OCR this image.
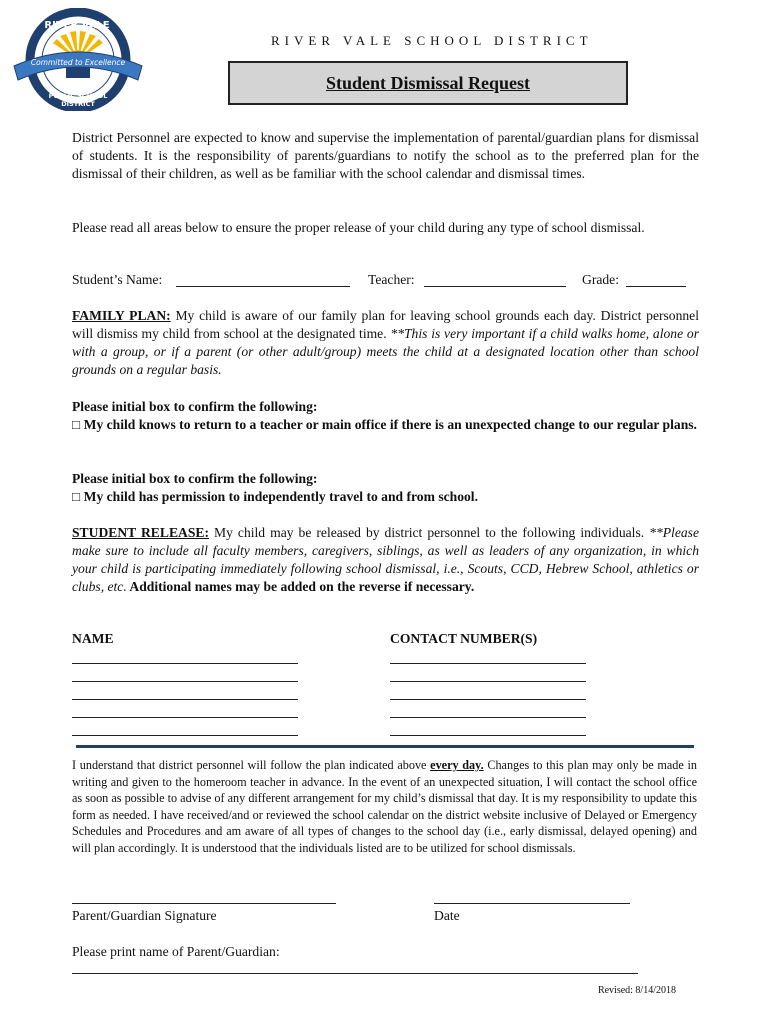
RIVER VALE
Committed to Excellence
PUBLIC SCHOOL DISTRICT
RIVER VALE SCHOOL DISTRICT
Student Dismissal Request
District Personnel are expected to know and supervise the implementation of parental/guardian plans for dismissal of students. It is the responsibility of parents/guardians to notify the school as to the preferred plan for the dismissal of their children, as well as be familiar with the school calendar and dismissal times.
Please read all areas below to ensure the proper release of your child during any type of school dismissal.
Student’s Name:	Teacher:	Grade:
FAMILY PLAN: My child is aware of our family plan for leaving school grounds each day. District personnel will dismiss my child from school at the designated time. **This is very important if a child walks home, alone or with a group, or if a parent (or other adult/group) meets the child at a designated location other than school grounds on a regular basis.
Please initial box to confirm the following:
□ My child knows to return to a teacher or main office if there is an unexpected change to our regular plans.
Please initial box to confirm the following:
□ My child has permission to independently travel to and from school.
STUDENT RELEASE: My child may be released by district personnel to the following individuals. **Please make sure to include all faculty members, caregivers, siblings, as well as leaders of any organization, in which your child is participating immediately following school dismissal, i.e., Scouts, CCD, Hebrew School, athletics or clubs, etc. Additional names may be added on the reverse if necessary.
NAME	CONTACT NUMBER(S)
I understand that district personnel will follow the plan indicated above every day. Changes to this plan may only be made in writing and given to the homeroom teacher in advance. In the event of an unexpected situation, I will contact the school office as soon as possible to advise of any different arrangement for my child’s dismissal that day. It is my responsibility to update this form as needed. I have received/and or reviewed the school calendar on the district website inclusive of Delayed or Emergency Schedules and Procedures and am aware of all types of changes to the school day (i.e., early dismissal, delayed opening) and will plan accordingly. It is understood that the individuals listed are to be utilized for school dismissals.
Parent/Guardian Signature	Date
Please print name of Parent/Guardian:
Revised: 8/14/2018
